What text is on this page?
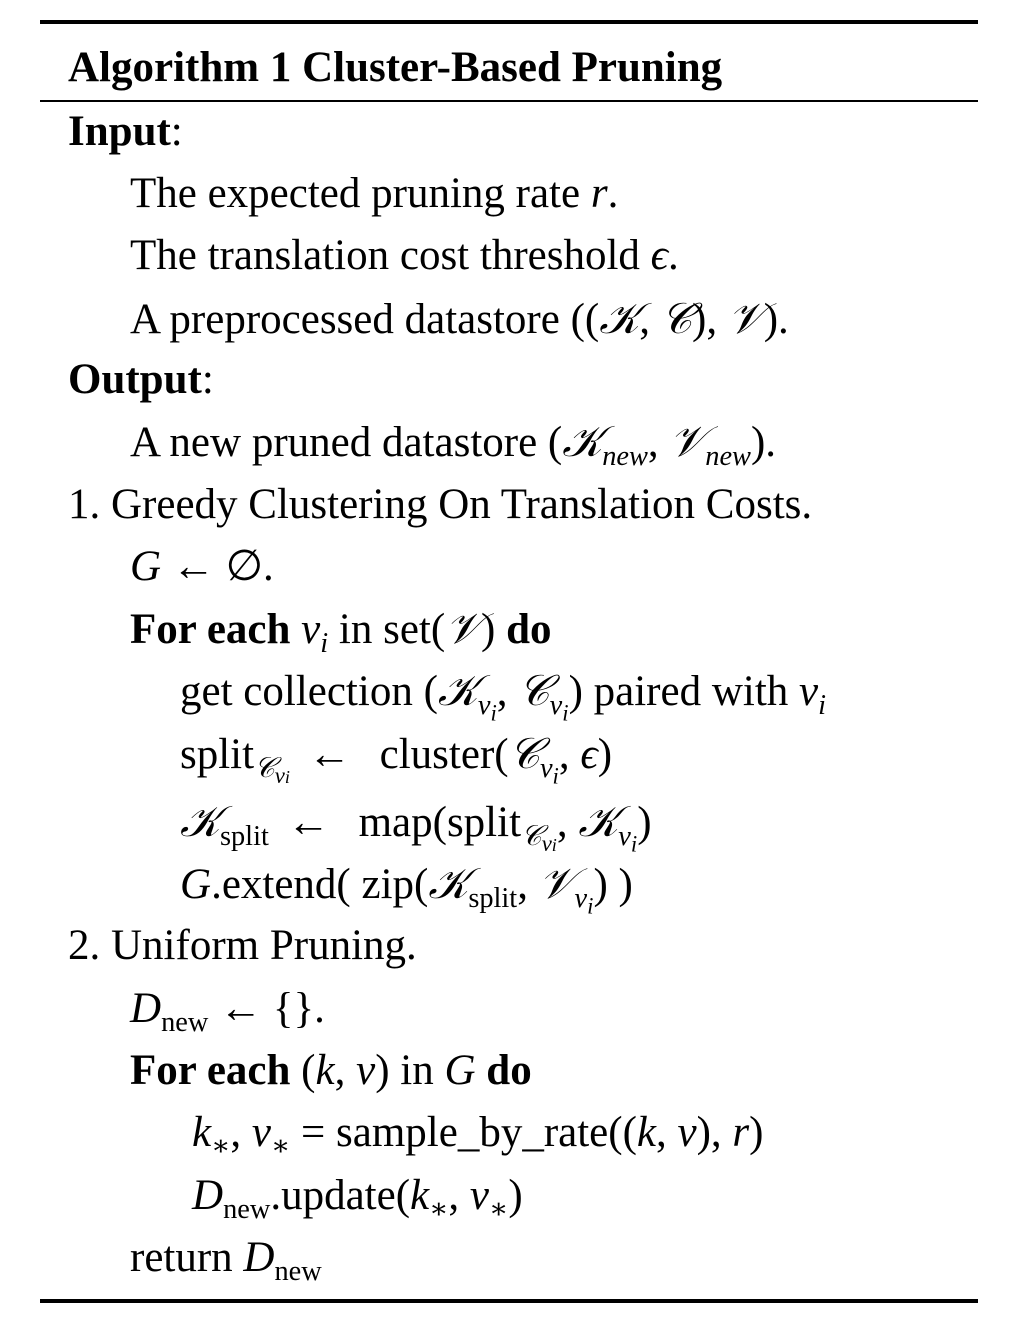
Algorithm 1 Cluster-Based Pruning
Input:
The expected pruning rate r.
The translation cost threshold ϵ.
A preprocessed datastore ((𝒦, 𝒞), 𝒱).
Output:
A new pruned datastore (𝒦$_{new}$, 𝒱$_{new}$).
1. Greedy Clustering On Translation Costs.
G ← ∅.
For each $v_i$ in set(𝒱) do
get collection (𝒦$_{v_i}$, 𝒞$_{v_i}$) paired with $v_i$
split$_{𝒞_{vi}}$ ← cluster(𝒞$_{v_i}$, ϵ)
𝒦$_{split}$ ← map(split$_{𝒞_{vi}}$, 𝒦$_{v_i}$)
G.extend( zip(𝒦$_{split}$, 𝒱$_{v_i}$) )
2. Uniform Pruning.
$D_{new}$ ← {}.
For each (k, v) in G do
$k_∗$, $v_∗$ = sample_by_rate((k, v), r)
$D_{new}.update(k_∗$, $v_∗$)
return $D_{new}$
